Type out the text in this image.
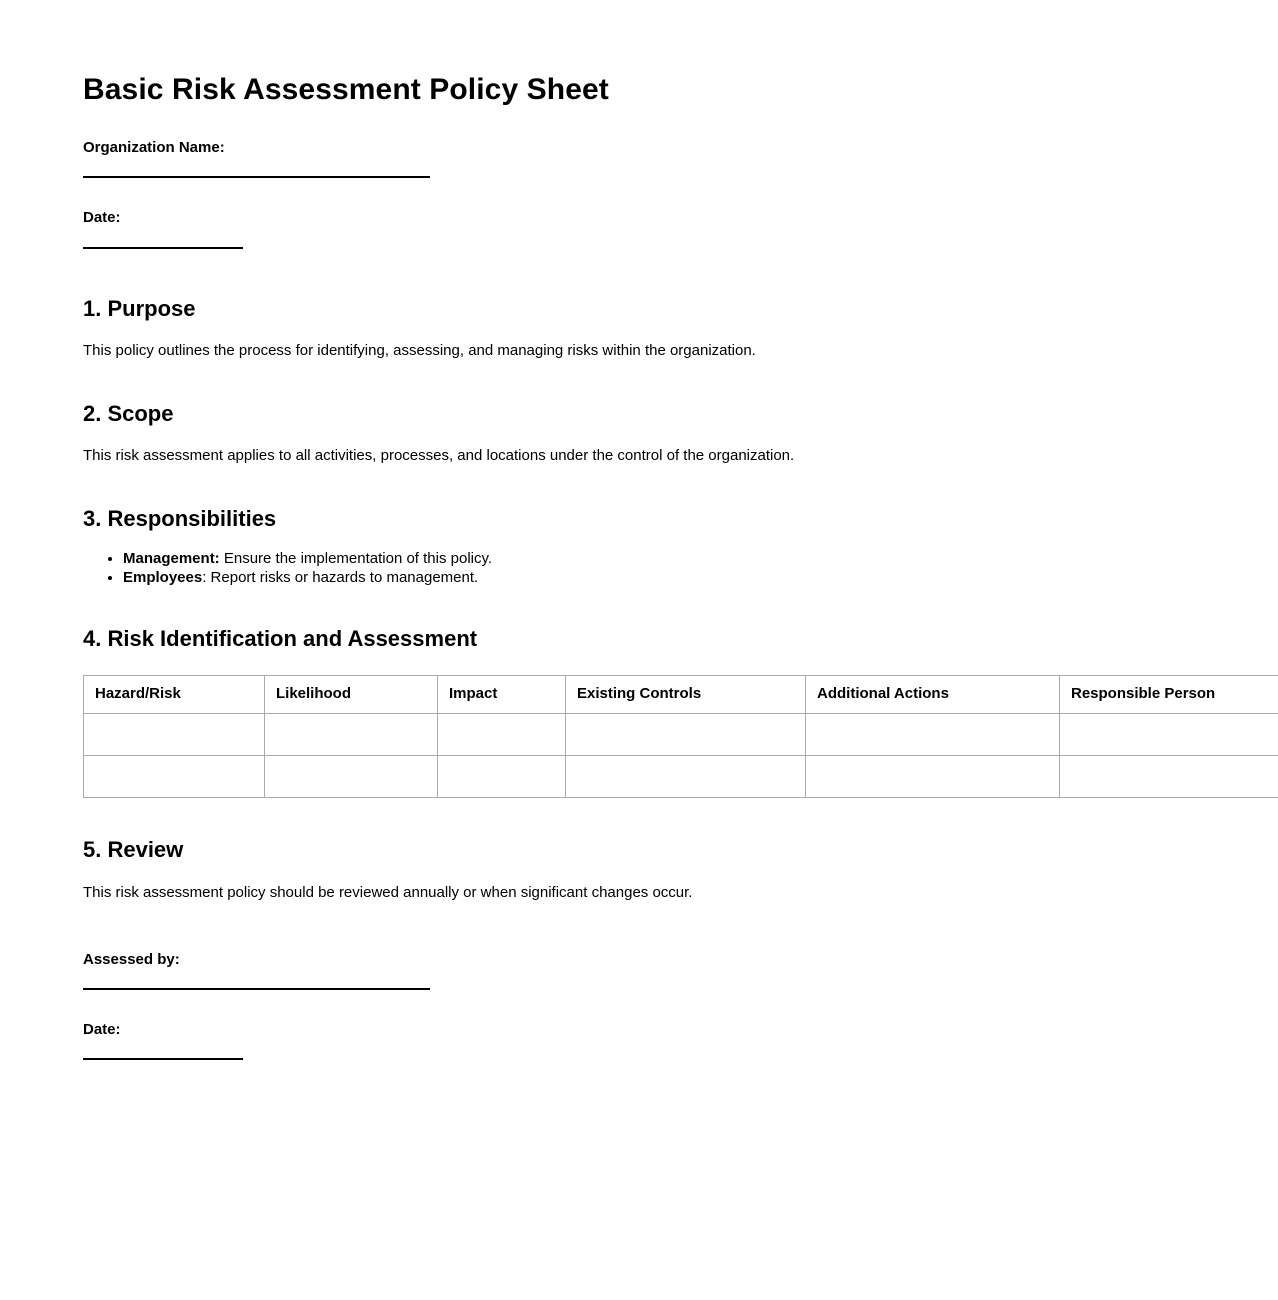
Basic Risk Assessment Policy Sheet
Organization Name:
Date:
1. Purpose

This policy outlines the process for identifying, assessing, and managing risks within the organization.

2. Scope

This risk assessment applies to all activities, processes, and locations under the control of the organization.

3. Responsibilities
• Management: Ensure the implementation of this policy.
• Employees: Report risks or hazards to management.
4. Risk Identification and Assessment
Hazard/Risk	Likelihood	Impact	Existing Controls	Additional Actions	Responsible Person

5. Review

This risk assessment policy should be reviewed annually or when significant changes occur.

Assessed by:
Date:
